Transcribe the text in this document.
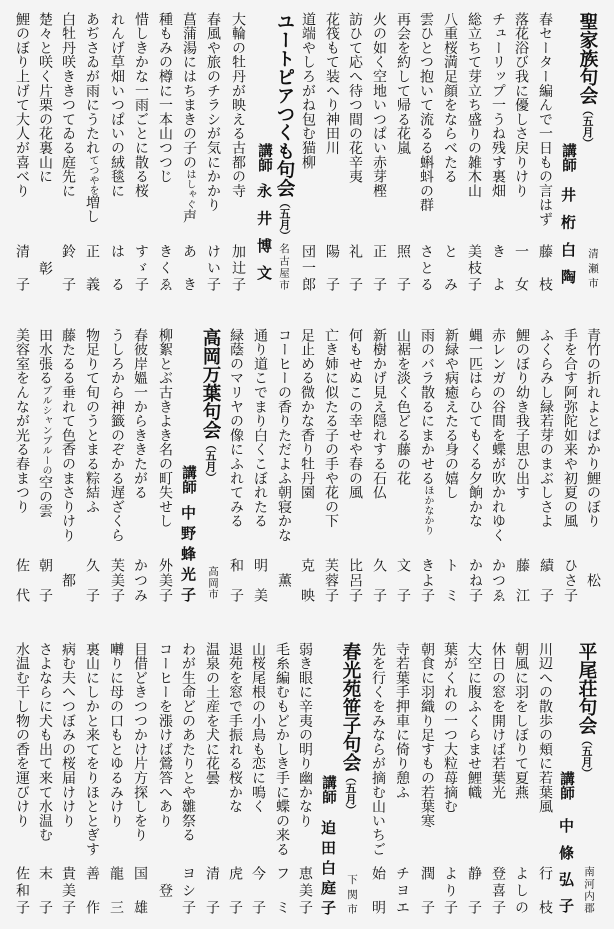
聖家族句会（五月）
清瀬市
講師
井桁白陶
春セーター編んで一日もの言はず
藤枝
落花浴び我に優しさ戻りけり
一女
チューリップ一うね残す裏畑
きよ
総立ちて芽立ち盛りの雑木山
美枝子
八重桜満足顔をならべたる
とみ
雲ひとつ抱いて流るる蝌蚪の群
さとる
再会を約して帰る花嵐
照子
火の如く空地いつぱい赤芽樫
正子
訪ひて応へ待つ間の花辛夷
礼子
花筏もて装へり神田川
陽子
道端やしろがね包む猫柳
団一郎
ユートピアつくも句会（五月）
名古屋市
講師
永井博文
大輪の牡丹が映える古都の寺
加辻子
春風や旅のチラシが気にかかり
けい子
菖蒲湯にはちまきの子のはしゃぐ声
あき
種もみの樽に一本山つつじ
きくゑ
惜しきかな一雨ごとに散る桜
すゞ子
れんげ草畑いつぱいの絨毯に
はる
あぢさゐが雨にうたれてつやを増し
正義
白牡丹咲ききつてゐる庭先に
鈴子
楚々と咲く片栗の花裏山に
彰
鯉のぼり上げて大人が喜べり
清子
青竹の折れよとばかり鯉のぼり
松
手を合す阿弥陀如来や初夏の風
ひさ子
ふくらみし緑若芽のまぶしさよ
績子
鯉のぼり幼き我子思ひ出す
藤江
赤レンガの谷間を蝶が吹かれゆく
かつゑ
蝿一匹はらひてもくる夕餉かな
かね子
新緑や病癒えたる身の嬉し
トミ
雨のバラ散るにまかせるほかなかり
きよ子
山裾を淡く色どる藤の花
文子
新樹かげ見え隠れする石仏
久子
何もせぬこの幸せや春の風
比呂子
亡き姉に似たる子の手や花の下
芙蓉子
足止める微かな香り牡丹園
克映
コーヒーの香りただよふ朝寝かな
薫
通り道こでまり白くこぼれたる
明美
緑蔭のマリヤの像にふれてみる
和子
高岡万葉句会（五月）
高岡市
講師
中野蜂光子
柳絮とぶ古きよき名の町失せし
外美子
春彼岸媼一からききたがる
かつみ
うしろから神籤のぞかる遅ざくら
芙美子
物足りて旬のうとまる粽結ふ
久子
藤たるる垂れて色香のまさりけり
都
田水張るブルシャンブルーの空の雲
朝子
美容室をんなが光る春まつり
佐代
平尾荘句会（五月）
南河内郡
講師
中條弘子
川辺への散歩の頬に若葉風
行枝
朝風に羽をしぼりて夏燕
よしの
休日の窓を開けば若葉光
登喜子
大空に腹ふくらませ鯉幟
静子
葉がくれの一つ大粒苺摘む
より子
朝食に羽織り足すもの若葉寒
潤子
寺若葉手押車に倚り憩ふ
チヨエ
先を行くをみならが摘む山いちご
始明
春光苑笹子句会（五月）
下関市
講師
迫田白庭子
弱き眼に辛夷の明り幽かなり
恵美子
毛糸編むもどかしき手に蝶の来る
フミ
山桜尾根の小鳥も恋に鳴く
今子
退苑を窓で手振れる桜かな
虎子
温泉の土産を犬に花曇
清子
わが生命どのあたりとや雛祭る
ヨシ子
コーヒーを漲けば鶯答へあり
登
目借どきつつかけ片方探しをり
国雄
囀りに母の口もとゆるみけり
龍三
裏山にしかと来てをりほととぎす
善作
病む夫へつぼみの桜届けけり
貴美子
さよならに犬も出て来て水温む
末子
水温む干し物の香を運びけり
佐和子
